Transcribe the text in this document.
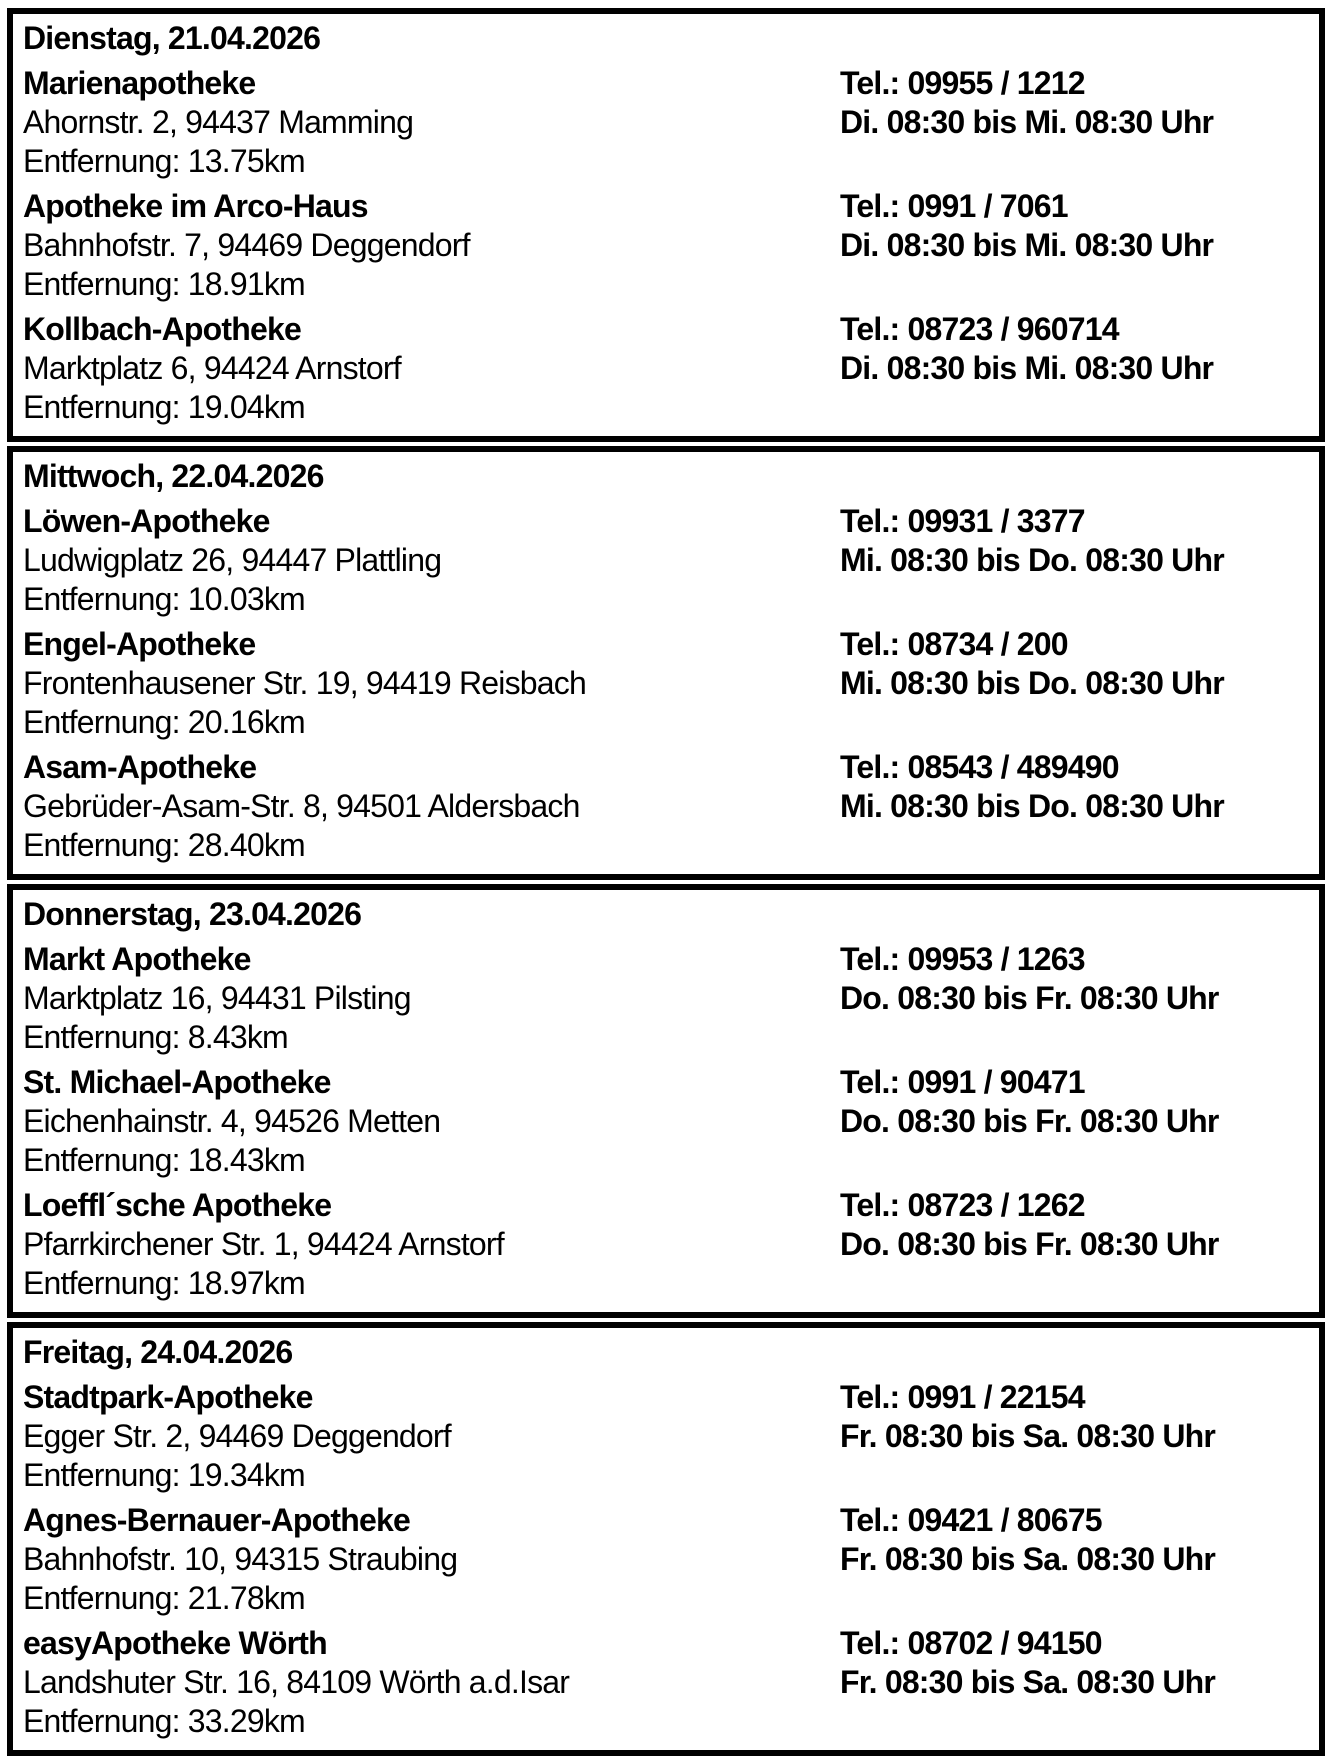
Dienstag, 21.04.2026
Marienapotheke
Ahornstr. 2, 94437 Mamming
Entfernung: 13.75km
Tel.: 09955 / 1212
Di. 08:30 bis Mi. 08:30 Uhr
Apotheke im Arco-Haus
Bahnhofstr. 7, 94469 Deggendorf
Entfernung: 18.91km
Tel.: 0991 / 7061
Di. 08:30 bis Mi. 08:30 Uhr
Kollbach-Apotheke
Marktplatz 6, 94424 Arnstorf
Entfernung: 19.04km
Tel.: 08723 / 960714
Di. 08:30 bis Mi. 08:30 Uhr
Mittwoch, 22.04.2026
Löwen-Apotheke
Ludwigplatz 26, 94447 Plattling
Entfernung: 10.03km
Tel.: 09931 / 3377
Mi. 08:30 bis Do. 08:30 Uhr
Engel-Apotheke
Frontenhausener Str. 19, 94419 Reisbach
Entfernung: 20.16km
Tel.: 08734 / 200
Mi. 08:30 bis Do. 08:30 Uhr
Asam-Apotheke
Gebrüder-Asam-Str. 8, 94501 Aldersbach
Entfernung: 28.40km
Tel.: 08543 / 489490
Mi. 08:30 bis Do. 08:30 Uhr
Donnerstag, 23.04.2026
Markt Apotheke
Marktplatz 16, 94431 Pilsting
Entfernung: 8.43km
Tel.: 09953 / 1263
Do. 08:30 bis Fr. 08:30 Uhr
St. Michael-Apotheke
Eichenhainstr. 4, 94526 Metten
Entfernung: 18.43km
Tel.: 0991 / 90471
Do. 08:30 bis Fr. 08:30 Uhr
Loeffl´sche Apotheke
Pfarrkirchener Str. 1, 94424 Arnstorf
Entfernung: 18.97km
Tel.: 08723 / 1262
Do. 08:30 bis Fr. 08:30 Uhr
Freitag, 24.04.2026
Stadtpark-Apotheke
Egger Str. 2, 94469 Deggendorf
Entfernung: 19.34km
Tel.: 0991 / 22154
Fr. 08:30 bis Sa. 08:30 Uhr
Agnes-Bernauer-Apotheke
Bahnhofstr. 10, 94315 Straubing
Entfernung: 21.78km
Tel.: 09421 / 80675
Fr. 08:30 bis Sa. 08:30 Uhr
easyApotheke Wörth
Landshuter Str. 16, 84109 Wörth a.d.Isar
Entfernung: 33.29km
Tel.: 08702 / 94150
Fr. 08:30 bis Sa. 08:30 Uhr
